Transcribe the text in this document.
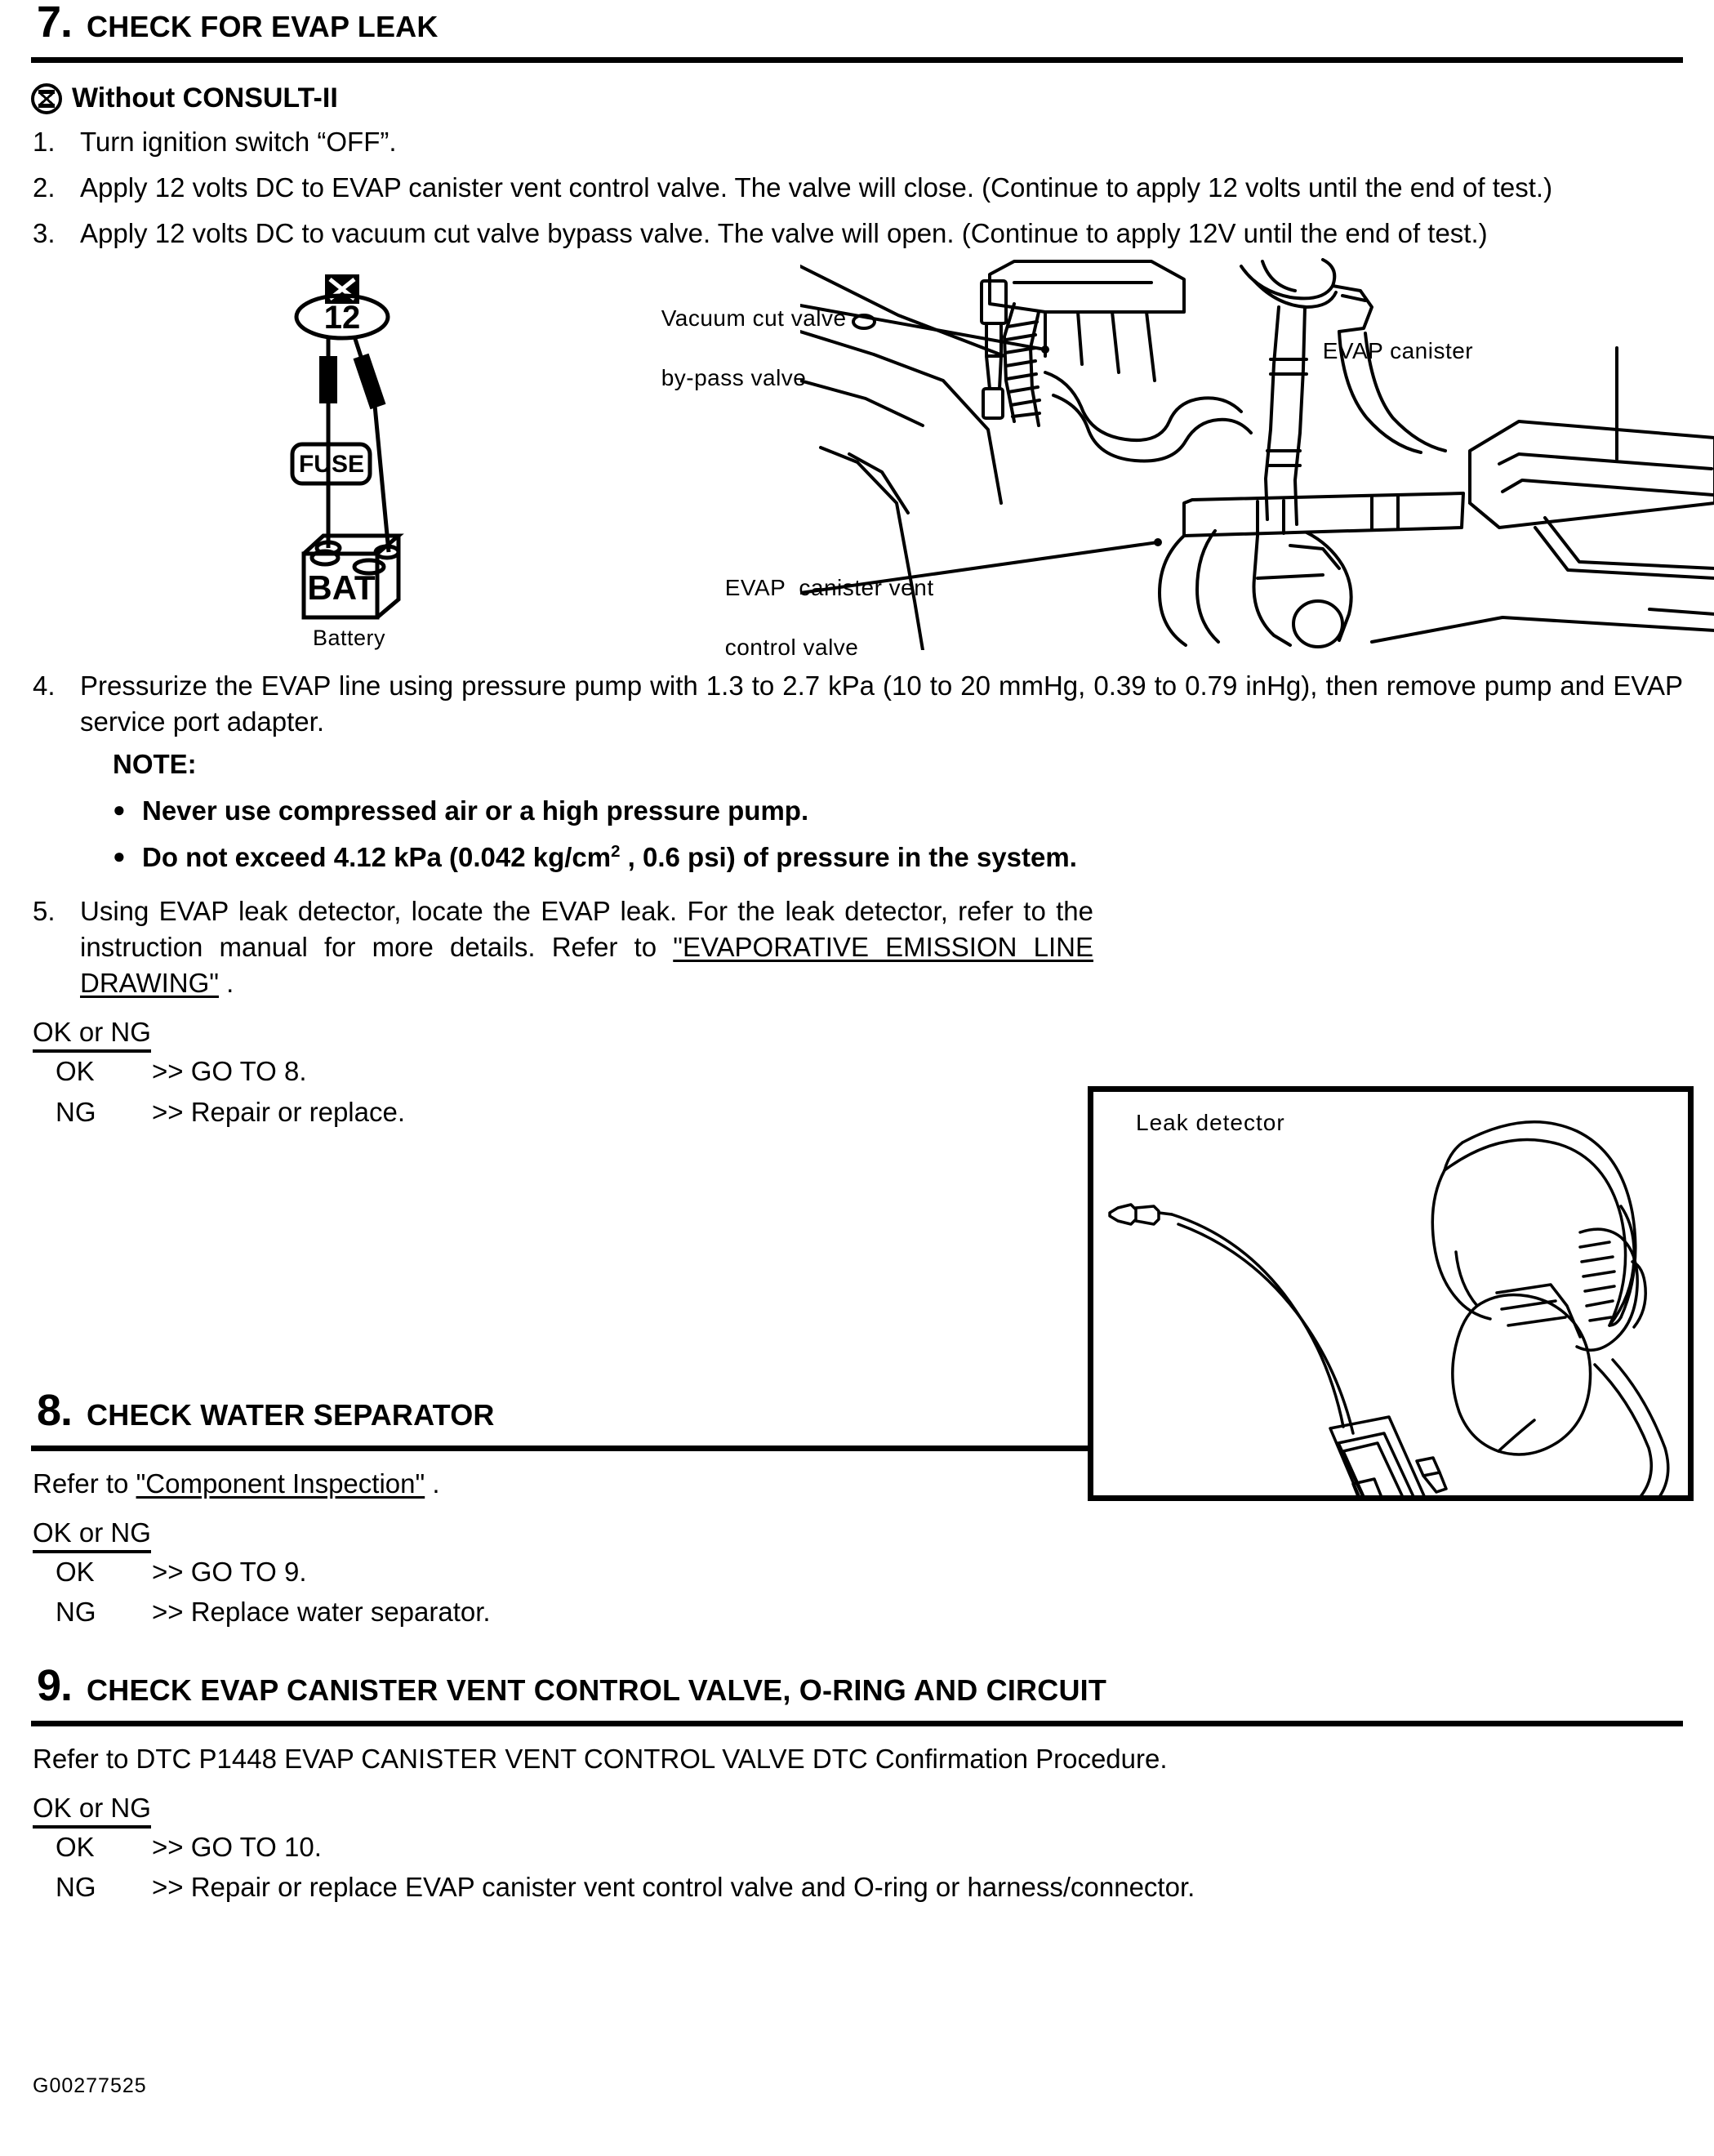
7. CHECK FOR EVAP LEAK
Without CONSULT-II
1. Turn ignition switch “OFF”.
2. Apply 12 volts DC to EVAP canister vent control valve. The valve will close. (Continue to apply 12 volts until the end of test.)
3. Apply 12 volts DC to vacuum cut valve bypass valve. The valve will open. (Continue to apply 12V until the end of test.)
12
FUSE
BAT
Battery

Vacuum cut valve

by-pass valve

EVAP canister

EVAP  canister vent

control valve

4. Pressurize the EVAP line using pressure pump with 1.3 to 2.7 kPa (10 to 20 mmHg, 0.39 to 0.79 inHg), then remove pump and EVAP service port adapter.
NOTE:
● Never use compressed air or a high pressure pump.
● Do not exceed 4.12 kPa (0.042 $kg/cm^2$ , 0.6 psi) of pressure in the system.
5. Using EVAP leak detector, locate the EVAP leak. For the leak detector, refer to the instruction manual for more details. Refer to "EVAPORATIVE EMISSION LINE DRAWING" .
OK or NG
OK	>> GO TO 8.
NG	>> Repair or replace.	Leak detector
8. CHECK WATER SEPARATOR
Refer to "Component Inspection" .
OK or NG
OK	>> GO TO 9.
NG	>> Replace water separator.
9. CHECK EVAP CANISTER VENT CONTROL VALVE, O-RING AND CIRCUIT
Refer to DTC P1448 EVAP CANISTER VENT CONTROL VALVE DTC Confirmation Procedure.
OK or NG
OK	>> GO TO 10.
NG	>> Repair or replace EVAP canister vent control valve and O-ring or harness/connector.
G00277525
